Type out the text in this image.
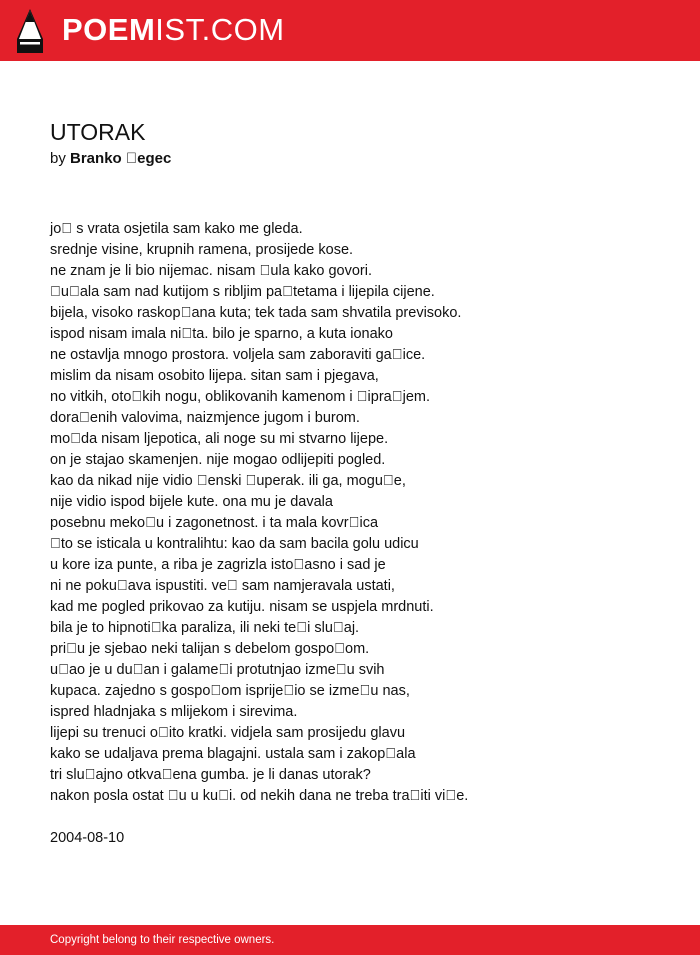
POEMIST.COM
UTORAK
by Branko  egec
jo  s vrata osjetila sam kako me gleda.
srednje visine, krupnih ramena, prosijede kose.
ne znam je li bio nijemac. nisam  ula kako govori.
 u ala sam nad kutijom s ribljim pa tetama i lijepila cijene.
bijela, visoko raskop ana kuta; tek tada sam shvatila previsoko.
ispod nisam imala ni ta. bilo je sparno, a kuta ionako
ne ostavlja mnogo prostora. voljela sam zaboraviti ga ice.
mislim da nisam osobito lijepa. sitan sam i pjegava,
no vitkih, oto kih nogu, oblikovanih kamenom i  ipra jem.
dora enih valovima, naizmjence jugom i burom.
mo da nisam ljepotica, ali noge su mi stvarno lijepe.
on je stajao skamenjen. nije mogao odlijepiti pogled.
kao da nikad nije vidio  enski  uperak. ili ga, mogu e,
nije vidio ispod bijele kute. ona mu je davala
posebnu meko u i zagonetnost. i ta mala kovr ica
 to se isticala u kontralihtu: kao da sam bacila golu udicu
u kore iza punte, a riba je zagrizla isto asno i sad je
ni ne poku ava ispustiti. ve  sam namjeravala ustati,
kad me pogled prikovao za kutiju. nisam se uspjela mrdnuti.
bila je to hipnoti ka paraliza, ili neki te i slu aj.
pri u je sjebao neki talijan s debelom gospo om.
u ao je u du an i galame i protutnjao izme u svih
kupaca. zajedno s gospo om isprije io se izme u nas,
ispred hladnjaka s mlijekom i sirevima.
lijepi su trenuci o ito kratki. vidjela sam prosijedu glavu
kako se udaljava prema blagajni. ustala sam i zakop ala
tri slu ajno otkva ena gumba. je li danas utorak?
nakon posla ostat  u u ku i. od nekih dana ne treba tra iti vi e.
2004-08-10
Copyright belong to their respective owners.
